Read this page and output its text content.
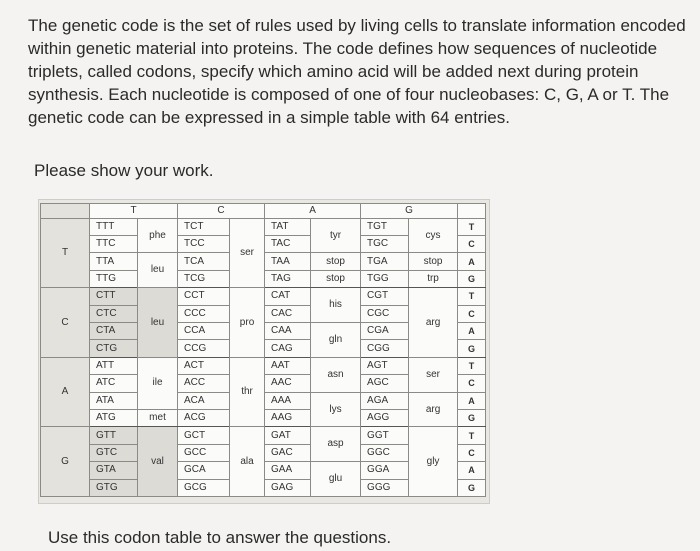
The genetic code is the set of rules used by living cells to translate information encoded within genetic material into proteins. The code defines how sequences of nucleotide triplets, called codons, specify which amino acid will be added next during protein synthesis. Each nucleotide is composed of one of four nucleobases: C, G, A or T. The genetic code can be expressed in a simple table with 64 entries.
Please show your work.
	T		C		A		G		
T	TTT	phe	TCT	ser	TAT	tyr	TGT	cys	T
	TTC		TCC		TAC		TGC		C
	TTA	leu	TCA		TAA	stop	TGA	stop	A
	TTG		TCG		TAG	stop	TGG	trp	G
C	CTT	leu	CCT	pro	CAT	his	CGT	arg	T
	CTC		CCC		CAC		CGC		C
	CTA		CCA		CAA	gln	CGA		A
	CTG		CCG		CAG		CGG		G
A	ATT	ile	ACT	thr	AAT	asn	AGT	ser	T
	ATC		ACC		AAC		AGC		C
	ATA		ACA		AAA	lys	AGA	arg	A
	ATG	met	ACG		AAG		AGG		G
G	GTT	val	GCT	ala	GAT	asp	GGT	gly	T
	GTC		GCC		GAC		GGC		C
	GTA		GCA		GAA	glu	GGA		A
	GTG		GCG		GAG		GGG		G
Use this codon table to answer the questions.
